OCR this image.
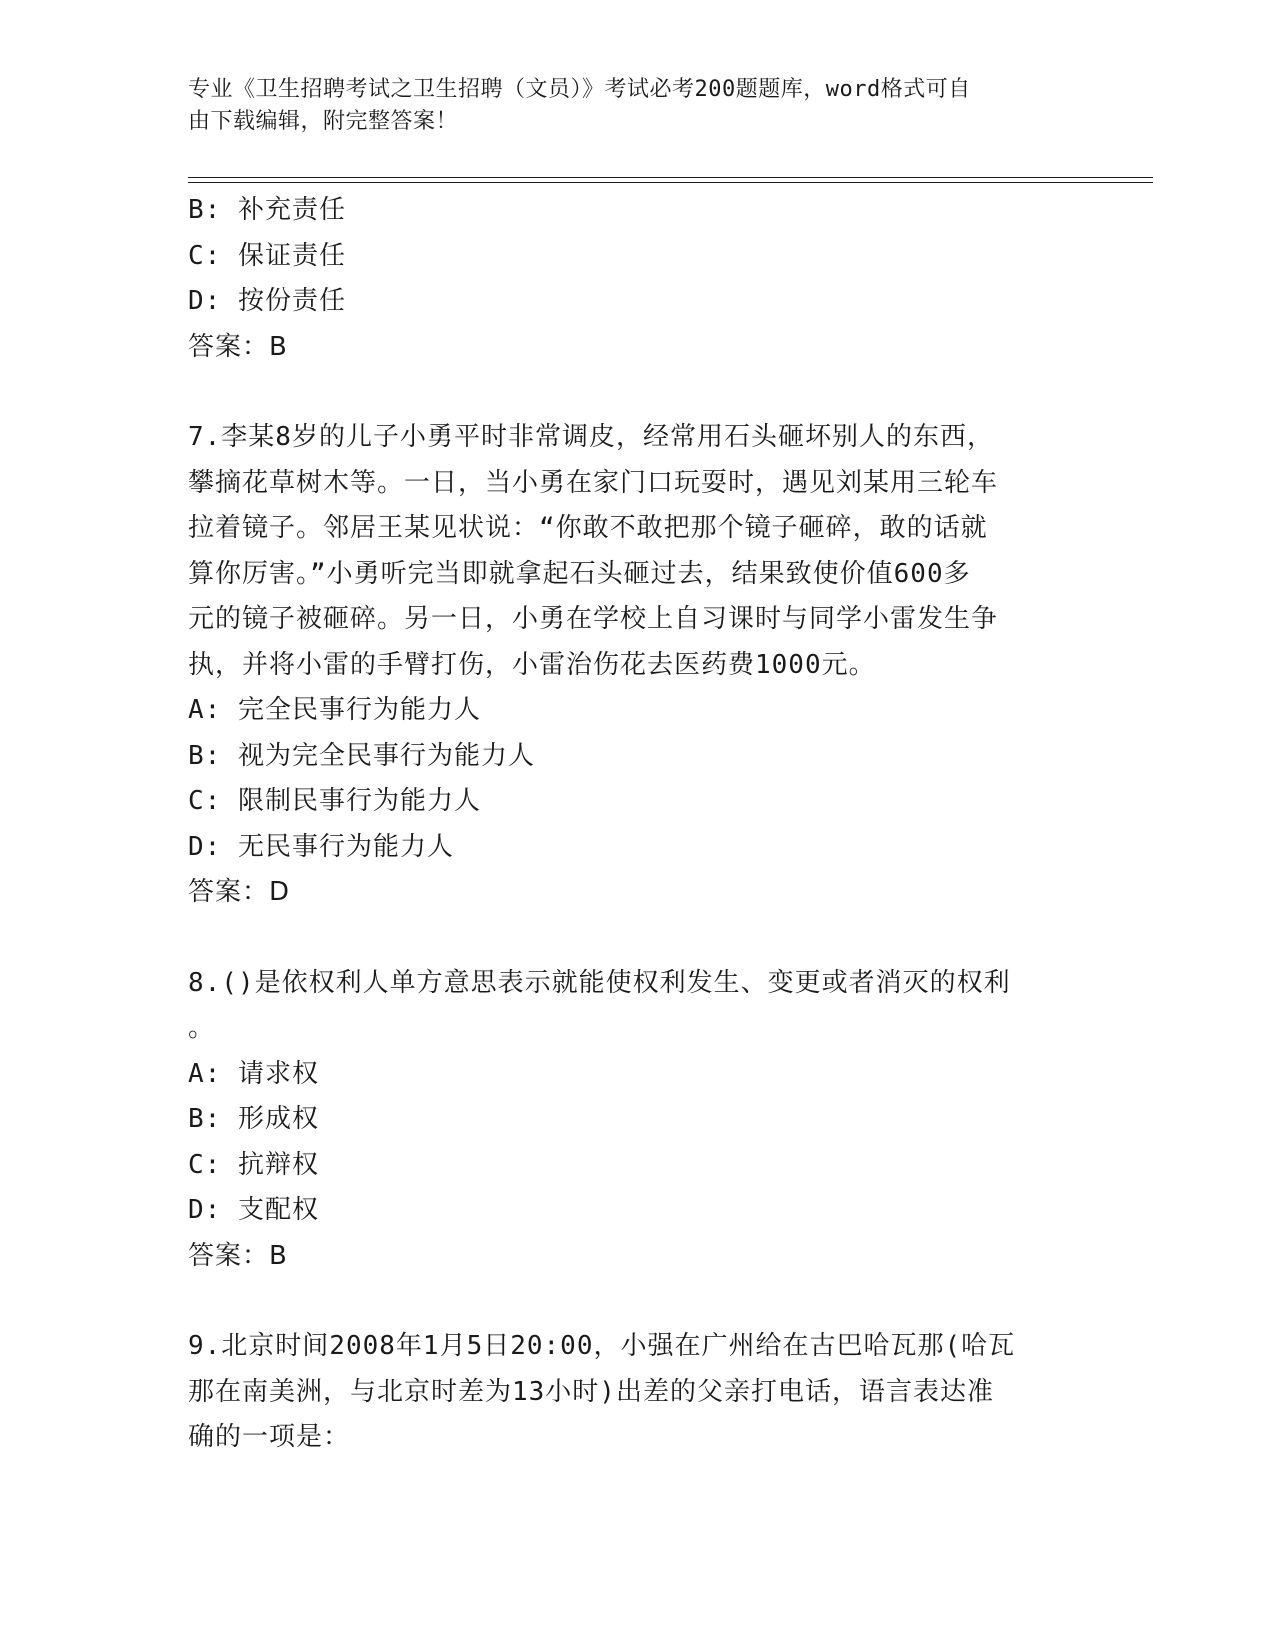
专业《卫生招聘考试之卫生招聘（文员）》考试必考200题题库，word格式可自
由下载编辑，附完整答案！
B: 补充责任
C: 保证责任
D: 按份责任
答案：B
7.李某8岁的儿子小勇平时非常调皮，经常用石头砸坏别人的东西，
攀摘花草树木等。一日，当小勇在家门口玩耍时，遇见刘某用三轮车
拉着镜子。邻居王某见状说：“你敢不敢把那个镜子砸碎，敢的话就
算你厉害。”小勇听完当即就拿起石头砸过去，结果致使价值600多
元的镜子被砸碎。另一日，小勇在学校上自习课时与同学小雷发生争
执，并将小雷的手臂打伤，小雷治伤花去医药费1000元。
A: 完全民事行为能力人
B: 视为完全民事行为能力人
C: 限制民事行为能力人
D: 无民事行为能力人
答案：D
8.()是依权利人单方意思表示就能使权利发生、变更或者消灭的权利
。
A: 请求权
B: 形成权
C: 抗辩权
D: 支配权
答案：B
9.北京时间2008年1月5日20:00，小强在广州给在古巴哈瓦那(哈瓦
那在南美洲，与北京时差为13小时)出差的父亲打电话，语言表达准
确的一项是：
